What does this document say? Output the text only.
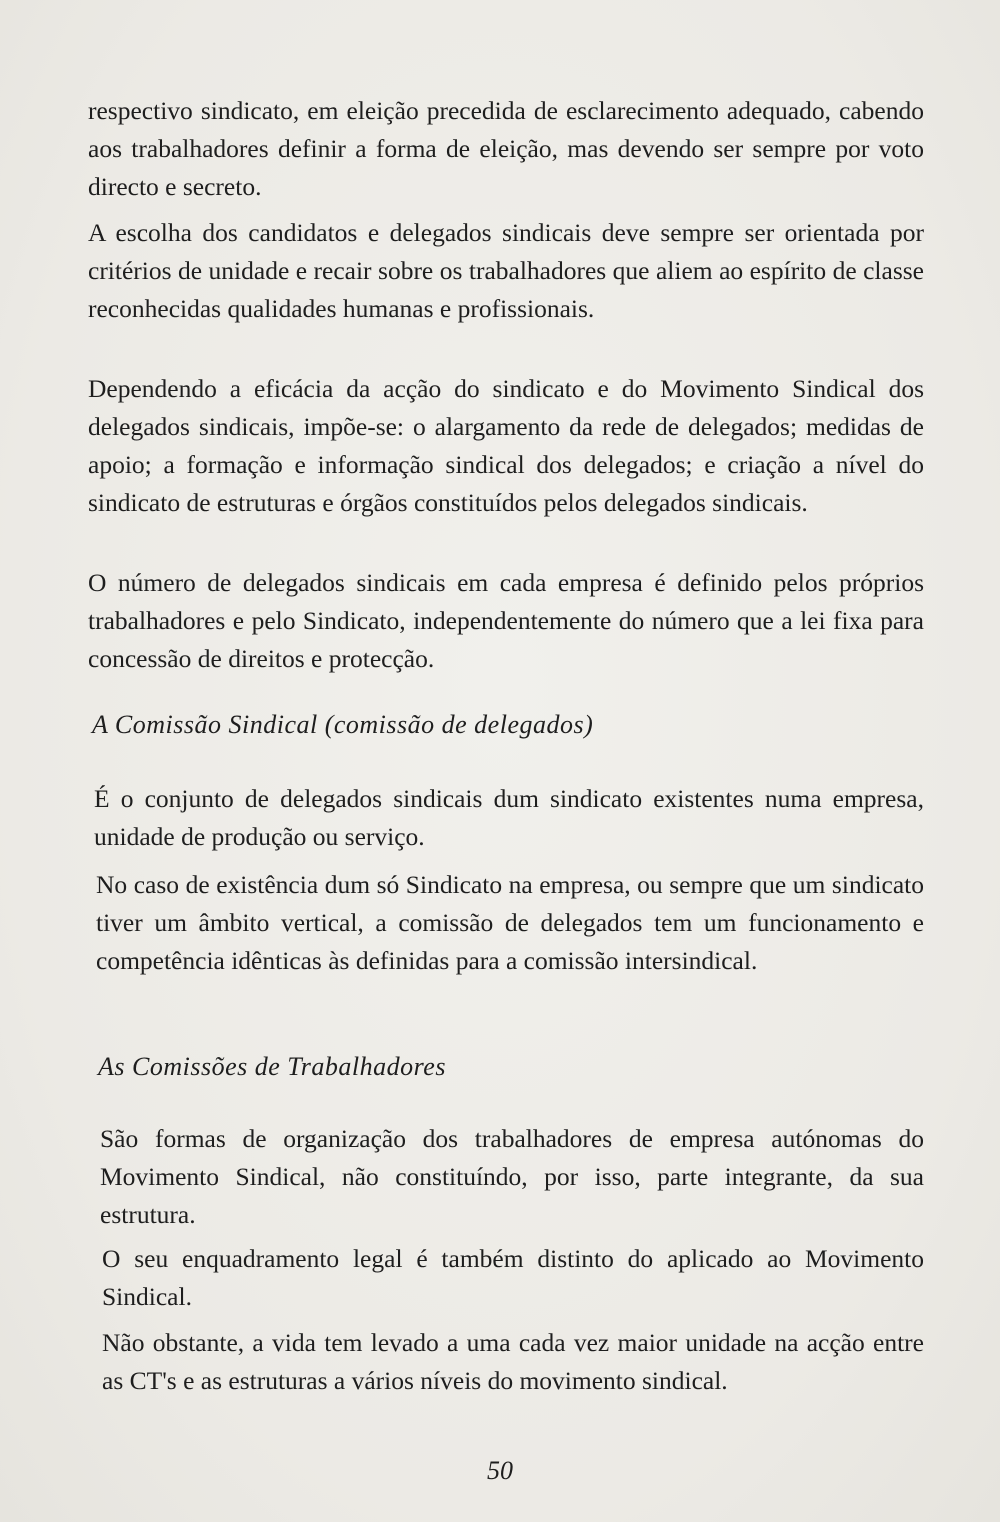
respectivo sindicato, em eleição precedida de esclarecimento adequado, cabendo aos trabalhadores definir a forma de eleição, mas devendo ser sempre por voto directo e secreto.

A escolha dos candidatos e delegados sindicais deve sempre ser orientada por critérios de unidade e recair sobre os trabalhadores que aliem ao espírito de classe reconhecidas qualidades humanas e profissionais.

Dependendo a eficácia da acção do sindicato e do Movimento Sindical dos delegados sindicais, impõe-se: o alargamento da rede de delegados; medidas de apoio; a formação e informação sindical dos delegados; e criação a nível do sindicato de estruturas e órgãos constituídos pelos delegados sindicais.

O número de delegados sindicais em cada empresa é definido pelos próprios trabalhadores e pelo Sindicato, independentemente do número que a lei fixa para concessão de direitos e protecção.

A Comissão Sindical (comissão de delegados)

É o conjunto de delegados sindicais dum sindicato existentes numa empresa, unidade de produção ou serviço.

No caso de existência dum só Sindicato na empresa, ou sempre que um sindicato tiver um âmbito vertical, a comissão de delegados tem um funcionamento e competência idênticas às definidas para a comissão intersindical.

As Comissões de Trabalhadores

São formas de organização dos trabalhadores de empresa autónomas do Movimento Sindical, não constituíndo, por isso, parte integrante, da sua estrutura.

O seu enquadramento legal é também distinto do aplicado ao Movimento Sindical.

Não obstante, a vida tem levado a uma cada vez maior unidade na acção entre as CT's e as estruturas a vários níveis do movimento sindical.

50
